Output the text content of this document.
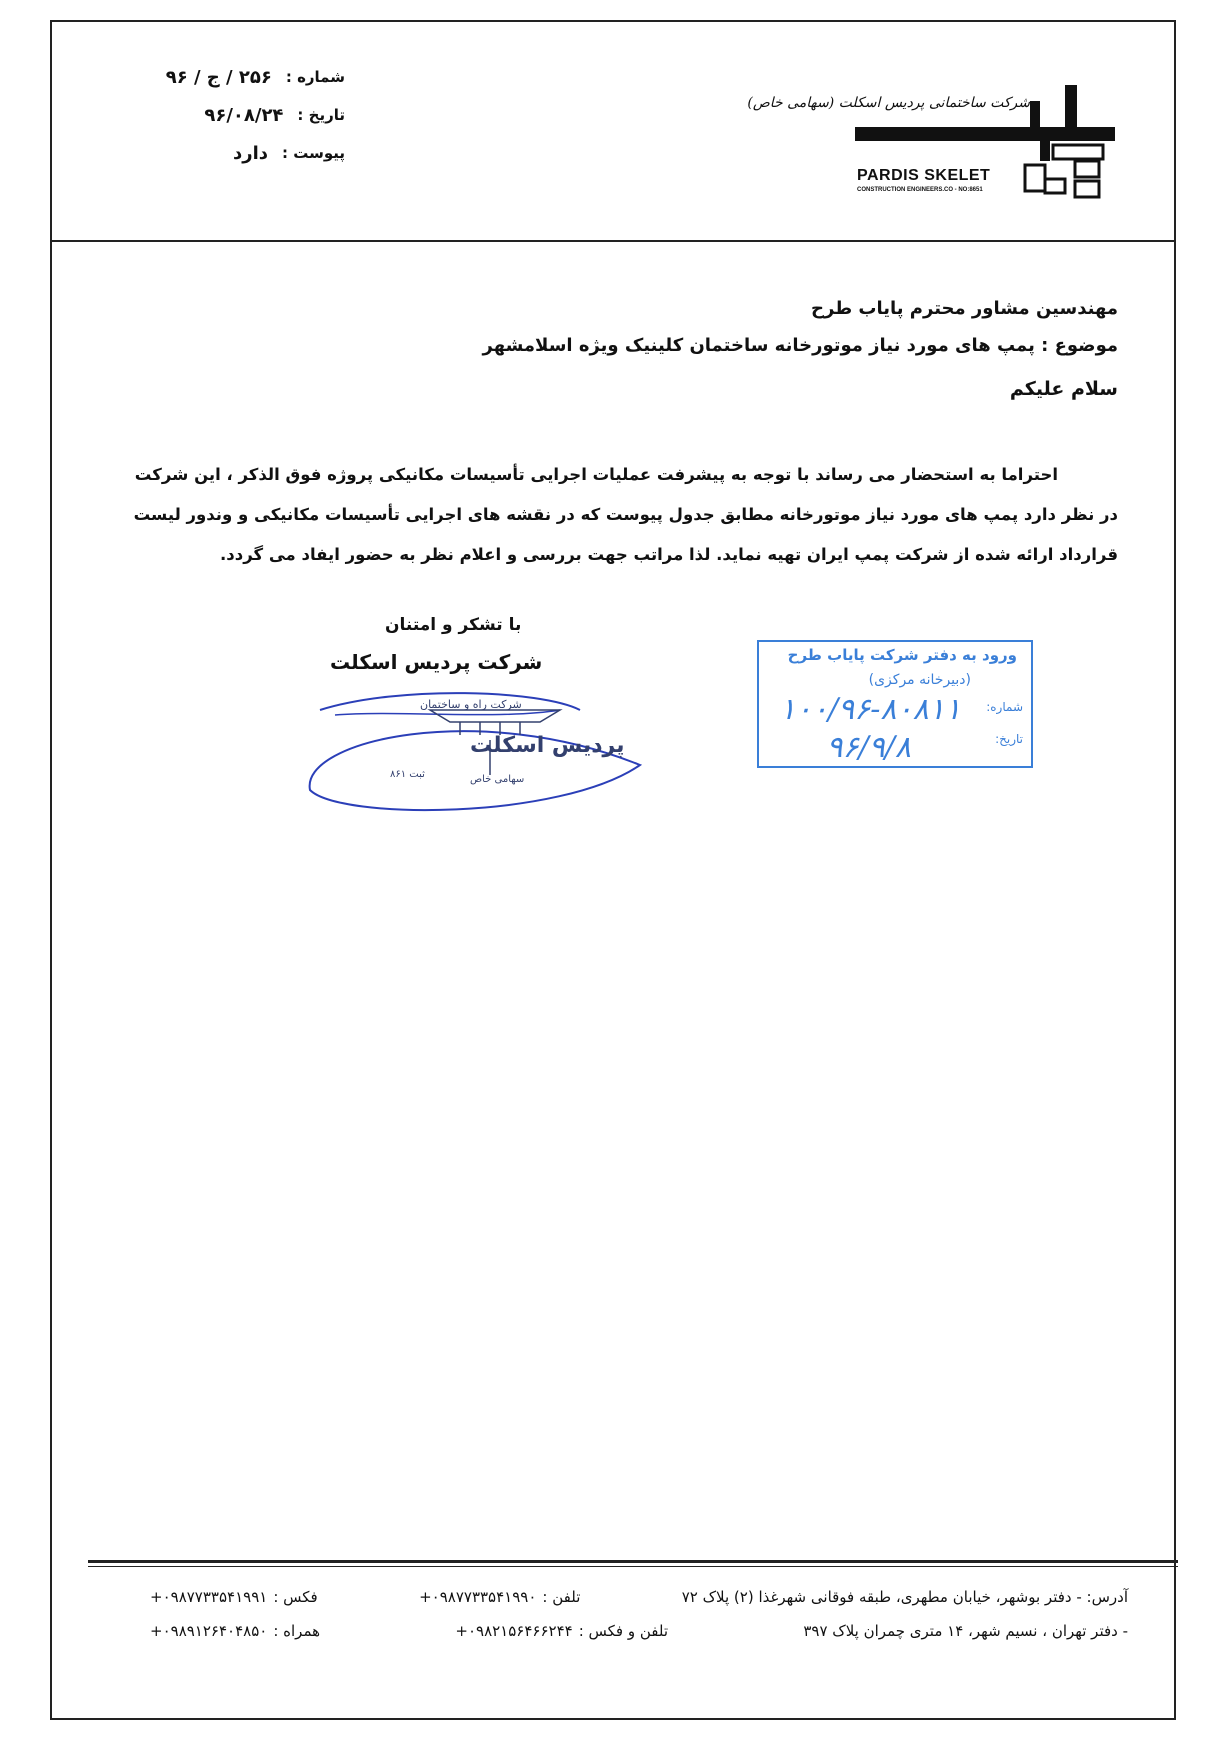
شماره :
۲۵۶ / ج / ۹۶
تاریخ :
۹۶/۰۸/۲۴
پیوست :
دارد
شرکت ساختمانی پردیس اسکلت (سهامی خاص)
PARDIS SKELET
CONSTRUCTION ENGINEERS.CO - NO:8651
مهندسین مشاور محترم پایاب طرح
موضوع : پمپ های مورد نیاز موتورخانه ساختمان کلینیک ویژه اسلامشهر
سلام علیکم
احتراما به استحضار می رساند با توجه به پیشرفت عملیات اجرایی تأسیسات مکانیکی پروژه فوق الذکر ، این شرکت
در نظر دارد پمپ های مورد نیاز موتورخانه مطابق جدول پیوست که در نقشه های اجرایی تأسیسات مکانیکی و وندور لیست
قرارداد ارائه شده از شرکت پمپ ایران تهیه نماید. لذا مراتب جهت بررسی و اعلام نظر به حضور ایفاد می گردد.
با تشکر و امتنان
شرکت پردیس اسکلت
شرکت راه و ساختمان
پردیس اسکلت
ثبت ۸۶۱	سهامی خاص
ورود به دفتر شرکت پایاب طرح
(دبیرخانه مرکزی)
شماره:
۱۰۰/۹۶-۸۰۸۱۱
تاریخ:
۹۶/۹/۸
آدرس: - دفتر بوشهر، خیابان مطهری، طبقه فوقانی شهرغذا (۲) پلاک ۷۲
تلفن :
۰۹۸۷۷۳۳۵۴۱۹۹۰+
فکس :
۰۹۸۷۷۳۳۵۴۱۹۹۱+
- دفتر تهران ، نسیم شهر، ۱۴ متری چمران پلاک ۳۹۷
تلفن و فکس :
۰۹۸۲۱۵۶۴۶۶۲۴۴+
همراه :
۰۹۸۹۱۲۶۴۰۴۸۵۰+
